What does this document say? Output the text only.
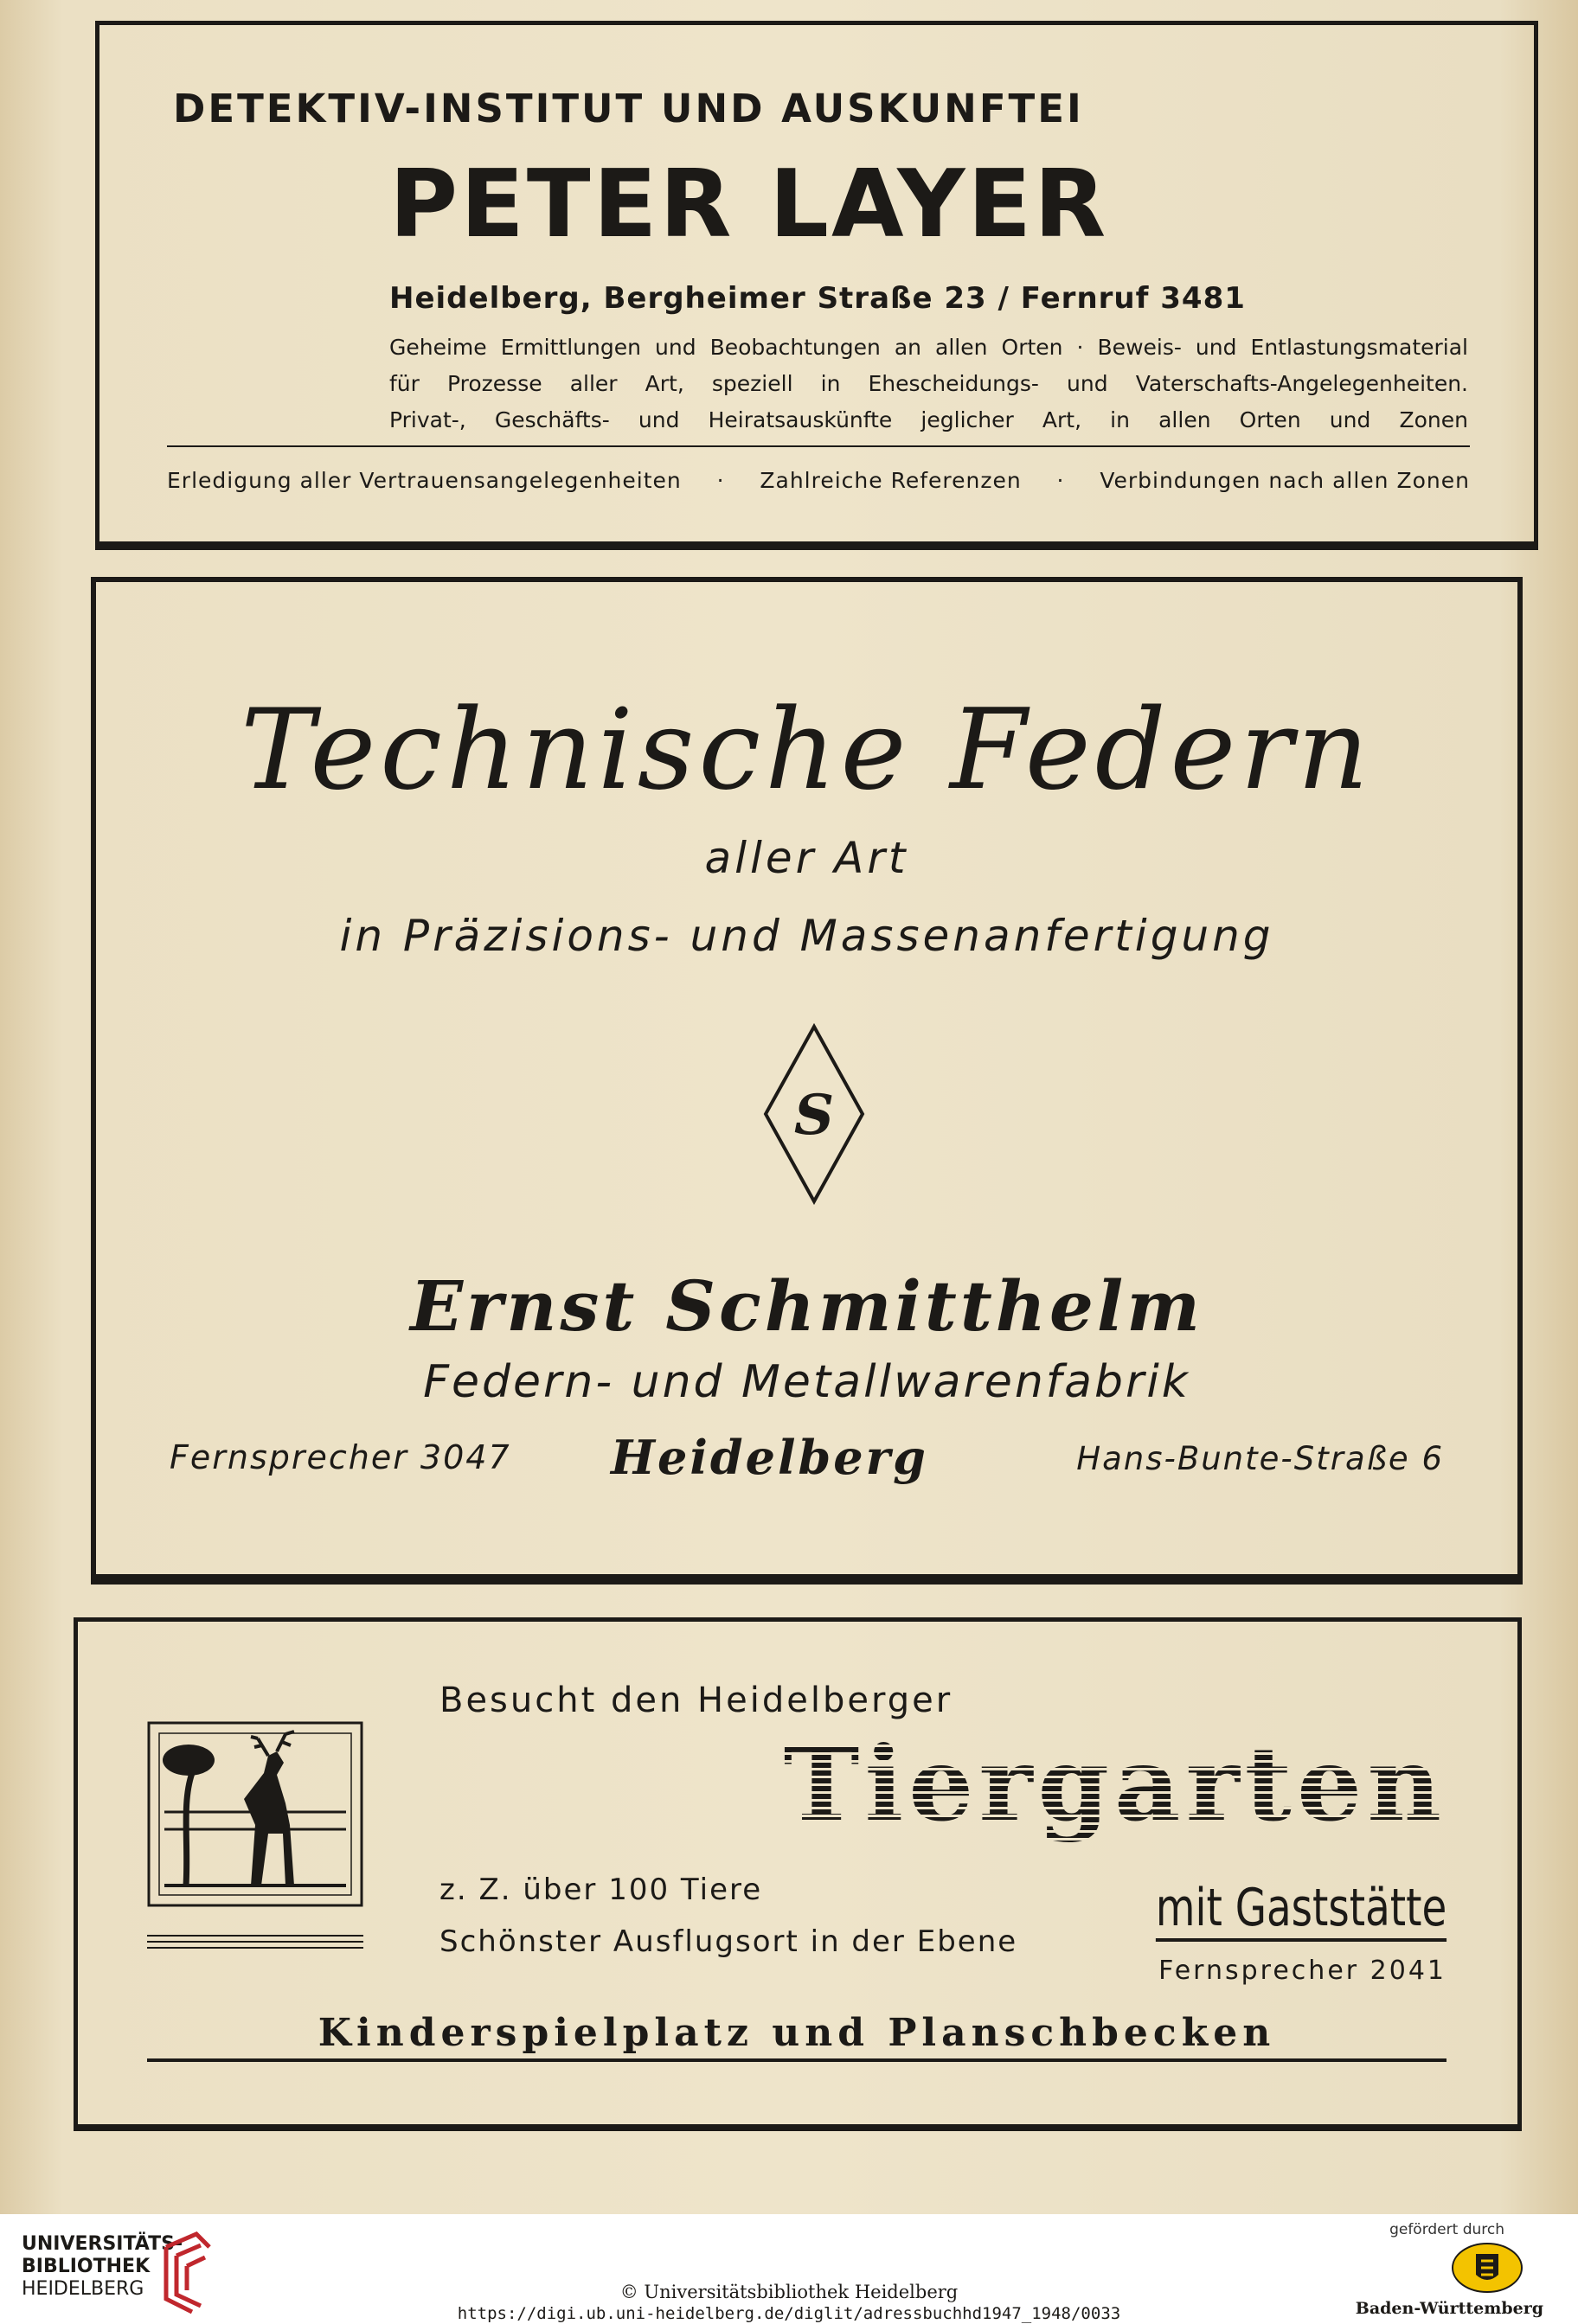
DETEKTIV-INSTITUT UND AUSKUNFTEI
PETER LAYER
Heidelberg, Bergheimer Straße 23 / Fernruf 3481
Geheime Ermittlungen und Beobachtungen an allen Orten · Beweis- und Entlastungsmaterial
für Prozesse aller Art, speziell in Ehescheidungs- und Vaterschafts-Angelegenheiten.
Privat-, Geschäfts- und Heiratsauskünfte jeglicher Art, in allen Orten und Zonen
Erledigung aller Vertrauensangelegenheiten · Zahlreiche Referenzen · Verbindungen nach allen Zonen
Technische Federn
aller Art
in Präzisions- und Massenanfertigung
S
Ernst Schmitthelm
Federn- und Metallwarenfabrik
Fernsprecher 3047 Heidelberg	Hans-Bunte-Straße 6
Besucht den Heidelberger
Tiergarten
z. Z. über 100 Tiere
Schönster Ausflugsort in der Ebene
mit Gaststätte
Fernsprecher 2041
Kinderspielplatz und Planschbecken
UNIVERSITÄTS-
BIBLIOTHEK
HEIDELBERG	© Universitätsbibliothek Heidelberg
https://digi.ub.uni-heidelberg.de/diglit/adressbuchhd1947_1948/0033
gefördert durch
Baden-Württemberg
